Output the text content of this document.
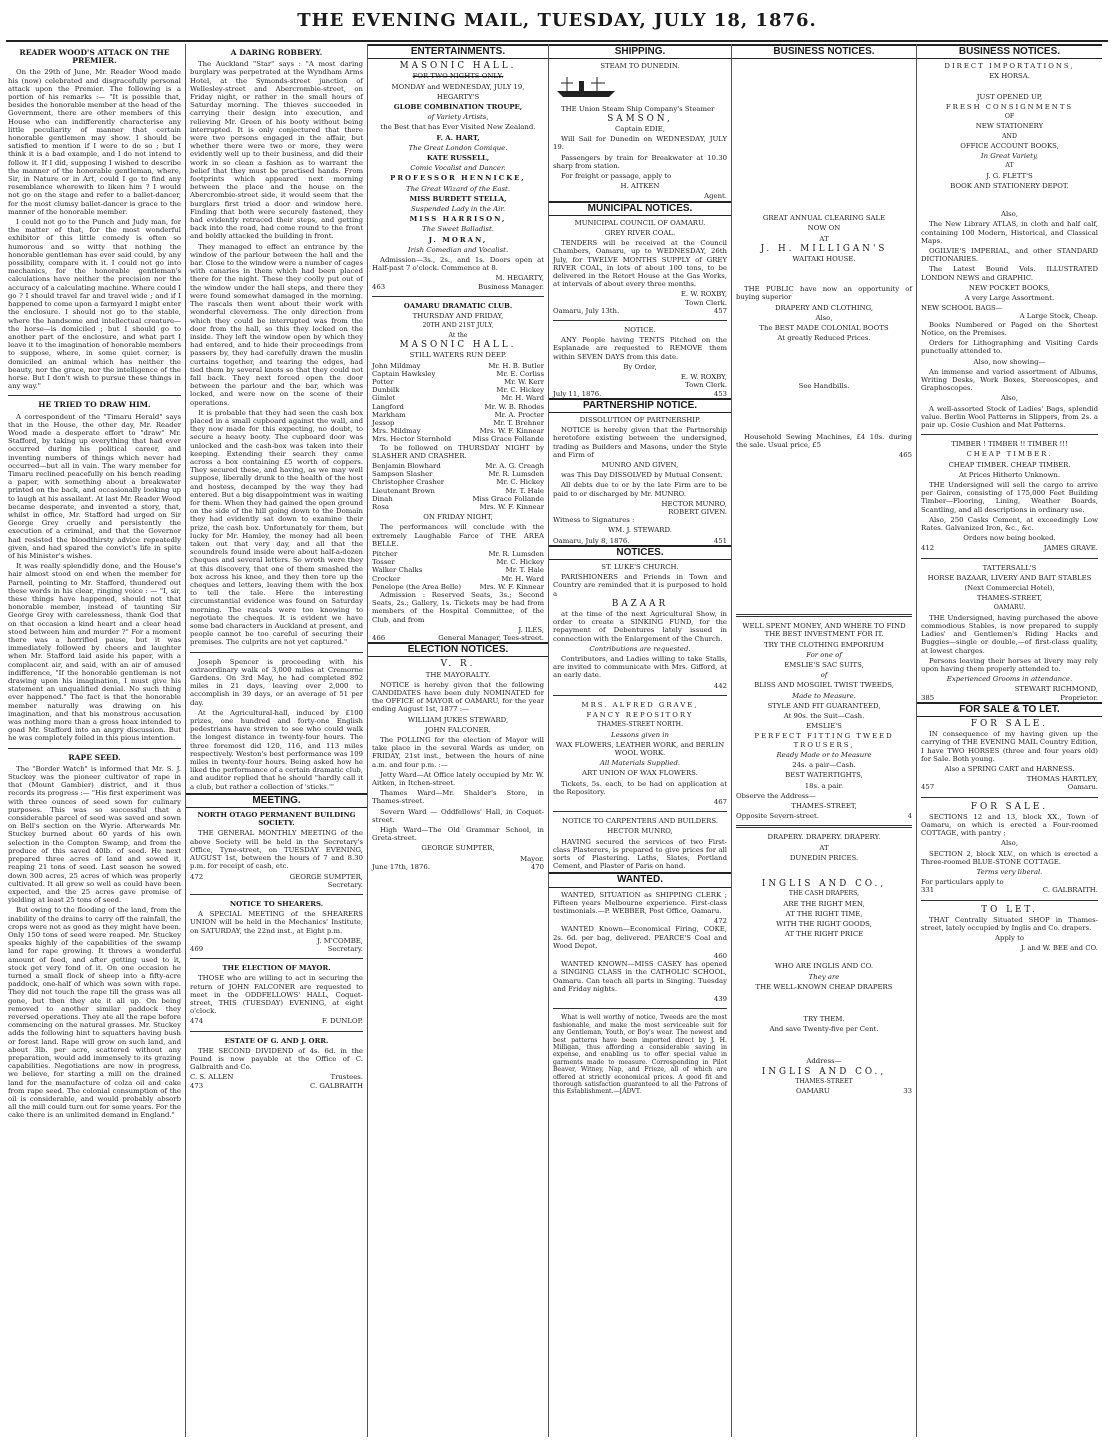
THE EVENING MAIL, TUESDAY, JULY 18, 1876.
READER WOOD'S ATTACK ON THE PREMIER.

On the 29th of June, Mr. Reader Wood made his (now) celebrated and disgracefully personal attack upon the Premier. The following is a portion of his remarks :— "It is possible that, besides the honorable member at the head of the Government, there are other members of this House who can indifferently characterise any little peculiarity of manner that certain honorable gentlemen may show. I should be satisfied to mention if I were to do so ; but I think it is a bad example, and I do not intend to follow it. If I did, supposing I wished to describe the manner of the honorable gentleman, where, Sir, in Nature or in Art, could I go to find any resemblance wherewith to liken him ? I would not go on the stage and refer to a ballet-dancer, for the most clumsy ballet-dancer is grace to the manner of the honorable member.

I could not go to the Punch and Judy man, for the matter of that, for the most wonderful exhibitor of this little comedy is often so humorous and so witty that nothing the honorable gentleman has ever said could, by any possibility, compare with it. I could not go into mechanics, for the honorable gentleman's calculations have neither the precision nor the accuracy of a calculating machine. Where could I go ? I should travel far and travel wide ; and if I happened to come upon a farmyard I might enter the enclosure. I should not go to the stable, where the handsome and intellectual creature—the horse—is domiciled ; but I should go to another part of the enclosure, and what part I leave it to the imagination of honorable members to suppose, where, in some quiet corner, is domiciled an animal which has neither the beauty, nor the grace, nor the intelligence of the horse. But I don't wish to pursue these things in any way."

HE TRIED TO DRAW HIM.

A correspondent of the "Timaru Herald" says that in the House, the other day, Mr. Reader Wood made a desperate effort to "draw" Mr. Stafford, by taking up everything that had ever occurred during his political career, and inventing numbers of things which never had occurred—but all in vain. The wary member for Timaru reclined peacefully on his bench reading a paper, with something about a breakwater printed on the back, and occasionally looking up to laugh at his assailant. At last Mr. Reader Wood became desperate, and invented a story, that, whilst in office, Mr. Stafford had urged on Sir George Grey cruelly and persistently the execution of a criminal, and that the Governor had resisted the bloodthirsty advice repeatedly given, and had spared the convict's life in spite of his Minister's wishes.

It was really splendidly done, and the House's hair almost stood on end when the member for Parnell, pointing to Mr. Stafford, thundered out these words in his clear, ringing voice : — "I, sir, these things have happened, should not that honorable member, instead of taunting Sir George Grey with carelessness, thank God that on that occasion a kind heart and a clear head stood between him and murder ?" For a moment there was a horrified pause, but it was immediately followed by cheers and laughter when Mr. Stafford laid aside his paper, with a complacent air, and said, with an air of amused indifference, "If the honorable gentleman is not drawing upon his imagination, I must give his statement an unqualified denial. No such thing ever happened." The fact is that the honorable member naturally was drawing on his imagination, and that his monstrous accusation was nothing more than a gross hoax intended to goad Mr. Stafford into an angry discussion. But he was completely foiled in this pious intention.

RAPE SEED.

The "Border Watch" is informed that Mr. S. J. Stuckey was the pioneer cultivator of rape in that (Mount Gambier) district, and it thus records its progress :— "His first experiment was with three ounces of seed sown for culinary purposes. This was so successful that a considerable parcel of seed was saved and sown on Bell's section on the Wyrie. Afterwards Mr. Stuckey burned about 60 yards of his own selection in the Compton Swamp, and from the produce of this saved 40lb. of seed. He next prepared three acres of land and sowed it, reaping 21 tons of seed. Last season he sowed down 300 acres, 25 acres of which was properly cultivated. It all grew so well as could have been expected, and the 25 acres gave promise of yielding at least 25 tons of seed.

But owing to the flooding of the land, from the inability of the drains to carry off the rainfall, the crops were not as good as they might have been. Only 150 tons of seed were reaped. Mr. Stuckey speaks highly of the capabilities of the swamp land for rape growing. It throws a wonderful amount of feed, and after getting used to it, stock get very fond of it. On one occasion he turned a small flock of sheep into a fifty-acre paddock, one-half of which was sown with rape. They did not touch the rape till the grass was all gone, but then they ate it all up. On being removed to another similar paddock they reversed operations. They ate all the rape before commencing on the natural grasses. Mr. Stuckey adds the following hint to squatters having bush or forest land. Rape will grow on such land, and about 3lb. per acre, scattered without any preparation, would add immensely to its grazing capabilities. Negotiations are now in progress, we believe, for starting a mill on the drained land for the manufacture of colza oil and cake from rape seed. The colonial consumption of the oil is considerable, and would probably absorb all the mill could turn out for some years. For the cake there is an unlimited demand in England."

A DARING ROBBERY.

The Auckland "Star" says : "A most daring burglary was perpetrated at the Wyndham Arms Hotel, at the Symonds-street junction of Wellesley-street and Abercrombie-street, on Friday night, or rather in the small hours of Saturday morning. The thieves succeeded in carrying their design into execution, and relieving Mr. Green of his booty without being interrupted. It is only conjectured that there were two persons engaged in the affair, but whether there were two or more, they were evidently well up to their business, and did their work in so clean a fashion as to warrant the belief that they must be practised hands. From footprints which appeared next morning between the place and the house on the Abercrombie-street side, it would seem that the burglars first tried a door and window here. Finding that both were securely fastened, they had evidently retraced their steps, and getting back into the road, had come round to the front and boldly attacked the building in front.

They managed to effect an entrance by the window of the parlour between the hall and the bar. Close to the window were a number of cages with canaries in them which had been placed there for the night. These they coolly put out of the window under the hall steps, and there they were found somewhat damaged in the morning. The rascals then went about their work with wonderful cleverness. The only direction from which they could be interrupted was from the door from the hall, so this they locked on the inside. They left the window open by which they had entered, and to hide their proceedings from passers by, they had carefully drawn the muslin curtains together, and tearing the edges, had tied them by several knots so that they could not fall back. They next forced open the door between the parlour and the bar, which was locked, and were now on the scene of their operations.

It is probable that they had seen the cash box placed in a small cupboard against the wall, and they now made for this expecting, no doubt, to secure a heavy booty. The cupboard door was unlocked and the cash-box was taken into their keeping. Extending their search they came across a box containing £5 worth of coppers. They secured these, and having, as we may well suppose, liberally drunk to the health of the host and hostess, decamped by the way they had entered. But a big disappointment was in waiting for them. When they had gained the open ground on the side of the hill going down to the Domain they had evidently sat down to examine their prize, the cash box. Unfortunately for them, but lucky for Mr. Hamley, the money had all been taken out that very day, and all that the scoundrels found inside were about half-a-dozen cheques and several letters. So wroth were they at this discovery, that one of them smashed the box across his knee, and they then tore up the cheques and letters, leaving them with the box to tell the tale. Here the interesting circumstantial evidence was found on Saturday morning. The rascals were too knowing to negotiate the cheques. It is evident we have some bad characters in Auckland at present, and people cannot be too careful of securing their premises. The culprits are not yet captured."

Joseph Spencer is proceeding with his extraordinary walk of 3,000 miles at Cremorne Gardens. On 3rd May, he had completed 892 miles in 21 days, leaving over 2,000 to accomplish in 39 days, or an average of 51 per day.

At the Agricultural-hall, induced by £100 prizes, one hundred and forty-one English pedestrians have striven to see who could walk the longest distance in twenty-four hours. The three foremost did 120, 116, and 113 miles respectively. Weston's best performance was 109 miles in twenty-four hours. Being asked how he liked the performance of a certain dramatic club, and auditor replied that he should "hardly call it a club, but rather a collection of 'sticks.'"

MEETING.
NORTH OTAGO PERMANENT BUILDING SOCIETY.

THE GENERAL MONTHLY MEETING of the above Society will be held in the Secretary's Office, Tyne-street, on TUESDAY EVENING, AUGUST 1st, between the hours of 7 and 8.30 p.m. for receipt of cash, etc.

472	GEORGE SUMPTER,
Secretary.
NOTICE TO SHEARERS.

A SPECIAL MEETING of the SHEARERS UNION will be held in the Mechanics' Institute, on SATURDAY, the 22nd inst., at Eight p.m.

J. M'COMBE,
469	Secretary.
THE ELECTION OF MAYOR.

THOSE who are willing to act in securing the return of JOHN FALCONER are requested to meet in the ODDFELLOWS' HALL, Coquet-street, THIS (TUESDAY) EVENING, at eight o'clock.

474	F. DUNLOP.
ESTATE OF G. AND J. ORR.

THE SECOND DIVIDEND of 4s. 6d. in the Pound is now payable at the Office of C. Galbraith and Co.

C. S. ALLEN	Trustees.
473	C. GALBRAITH
ENTERTAINMENTS.
MASONIC HALL.
FOR TWO NIGHTS ONLY.
MONDAY and WEDNESDAY, JULY 19,
HEGARTY'S
GLOBE COMBINATION TROUPE,
of Variety Artists,
the Best that has Ever Visited New Zealand.
F. A. HART,
The Great London Comique.
KATE RUSSELL,
Comic Vocalist and Dancer.
PROFESSOR HENNICKE,
The Great Wizard of the East.
MISS BURDETT STELLA,
Suspended Lady in the Air.
MISS HARRISON,
The Sweet Balladist.
J. MORAN,
Irish Comedian and Vocalist.

Admission—3s., 2s., and 1s. Doors open at Half-past 7 o'clock. Commence at 8.

M. HEGARTY,
463	Business Manager.
OAMARU DRAMATIC CLUB.
THURSDAY AND FRIDAY,
20TH AND 21ST JULY,
At the
MASONIC HALL.
STILL WATERS RUN DEEP.
John Mildmay	Mr. H. B. Butler
Captain Hawksley	Mr. E. Corliss
Potter	Mr. W. Kerr
Dunbilk	Mr. C. Hickey
Gimlet	Mr. H. Ward
Langford	Mr. W. B. Rhodes
Markham	Mr. A. Procter
Jessop	Mr. T. Brehner
Mrs. Mildmay	Mrs. W. F. Kinnear
Mrs. Hector Sternhold	Miss Grace Follande

To be followed on THURSDAY NIGHT by SLASHER AND CRASHER.

Benjamin Blowhard	Mr. A. G. Creagh
Sampson Slasher	Mr. R. Lumsden
Christopher Crasher	Mr. C. Hickey
Lieutenant Brown	Mr. T. Hale
Dinah	Miss Grace Follande
Rosa	Mrs. W. F. Kinnear
ON FRIDAY NIGHT,

The performances will conclude with the extremely Laughable Farce of THE AREA BELLE.

Pitcher	Mr. R. Lumsden
Tosser	Mr. C. Hickey
Walker Chalks	Mr. T. Hale
Crocker	Mr. H. Ward
Penelope (the Area Belle)	Mrs. W. F. Kinnear

Admission : Reserved Seats, 3s.; Second Seats, 2s.; Gallery, 1s. Tickets may be had from members of the Hospital Committee, of the Club, and from

J. ILES,
466	General Manager, Tees-street.
ELECTION NOTICES.
V. R.
THE MAYORALTY.

NOTICE is hereby given that the following CANDIDATES have been duly NOMINATED for the OFFICE of MAYOR of OAMARU, for the year ending August 1st, 1877 :—

WILLIAM JUKES STEWARD,
JOHN FALCONER.

The POLLING for the election of Mayor will take place in the several Wards as under, on FRIDAY, 21st inst., between the hours of nine a.m. and four p.m. :—

Jetty Ward—At Office lately occupied by Mr. W. Aitken, in Itchen-street.

Thames Ward—Mr. Shalder's Store, in Thames-street.

Severn Ward — Oddfellows' Hall, in Coquet-street.

High Ward—The Old Grammar School, in Greta-street.

GEORGE SUMPTER,
Mayor.
June 17th, 1876.	470
SHIPPING.
STEAM TO DUNEDIN.

THE Union Steam Ship Company's Steamer

SAMSON,
Captain EDIE,

Will Sail for Dunedin on WEDNESDAY, JULY 19.

Passengers by train for Breakwater at 10.30 sharp from station.

For freight or passage, apply to

H. AITKEN
Agent.
MUNICIPAL NOTICES.
MUNICIPAL COUNCIL OF OAMARU.
GREY RIVER COAL.

TENDERS will be received at the Council Chambers, Oamaru, up to WEDNESDAY, 26th July, for TWELVE MONTHS SUPPLY of GREY RIVER COAL, in lots of about 100 tons, to be delivered in the Retort House at the Gas Works, at intervals of about every three months.

E. W. ROXBY,
Town Clerk.
Oamaru, July 13th.	457
NOTICE.

ANY People having TENTS Pitched on the Esplanade are requested to REMOVE them within SEVEN DAYS from this date.

By Order,
E. W. ROXBY,
Town Clerk.
July 11, 1876.	453
PARTNERSHIP NOTICE.
DISSOLUTION OF PARTNERSHIP.

NOTICE is hereby given that the Partnership heretofore existing between the undersigned, trading as Builders and Masons, under the Style and Firm of

MUNRO AND GIVEN,

was This Day DISSOLVED by Mutual Consent.

All debts due to or by the late Firm are to be paid to or discharged by Mr. MUNRO.

HECTOR MUNRO,
ROBERT GIVEN.
Witness to Signatures :
WM. J. STEWARD.
Oamaru, July 8, 1876.	451
NOTICES.
ST. LUKE'S CHURCH.

PARISHIONERS and Friends in Town and Country are reminded that it is purposed to hold a

BAZAAR

at the time of the next Agricultural Show, in order to create a SINKING FUND, for the repayment of Debentures lately issued in connection with the Enlargement of the Church.

Contributions are requested.

Contributors, and Ladies willing to take Stalls, are invited to communicate with Mrs. Gifford, at an early date.

442
MRS. ALFRED GRAVE,
FANCY REPOSITORY
THAMES-STREET NORTH.
Lessons given in
WAX FLOWERS, LEATHER WORK, and BERLIN WOOL WORK.
All Materials Supplied.
ART UNION OF WAX FLOWERS.

Tickets, 5s. each, to be had on application at the Repository.

467
NOTICE TO CARPENTERS AND BUILDERS.
HECTOR MUNRO,

HAVING secured the services of two First-class Plasterers, is prepared to give prices for all sorts of Plastering. Laths, Slates, Portland Cement, and Plaster of Paris on hand.

WANTED.

WANTED, SITUATION as SHIPPING CLERK ; Fifteen years Melbourne experience. First-class testimonials.—P. WEBBER, Post Office, Oamaru.

472

WANTED Known—Economical Firing, COKE, 2s. 6d. per bag, delivered. PEARCE'S Coal and Wood Depot.

460

WANTED KNOWN—MISS CASEY has opened a SINGING CLASS in the CATHOLIC SCHOOL, Oamaru. Can teach all parts in Singing. Tuesday and Friday nights.

439

What is well worthy of notice, Tweeds are the most fashionable, and make the most serviceable suit for any Gentleman, Youth, or Boy's wear. The newest and best patterns have been imported direct by J. H. Milligan, thus affording a considerable saving in expense, and enabling us to offer special value in garments made to measure. Corresponding in Pilot Beaver, Witney, Nap, and Frieze, all of which are offered at strictly economical prices. A good fit and thorough satisfaction guaranteed to all the Patrons of this Establishment.—[ADVT.

BUSINESS NOTICES.
GREAT ANNUAL CLEARING SALE
NOW ON
AT
J. H. MILLIGAN'S
WAITAKI HOUSE.

THE PUBLIC have now an opportunity of buying superior

DRAPERY AND CLOTHING,
Also,
The BEST MADE COLONIAL BOOTS
At greatly Reduced Prices.
See Handbills.

Household Sewing Machines, £4 10s. during the sale. Usual price, £5

465
WELL SPENT MONEY, AND WHERE TO FIND THE BEST INVESTMENT FOR IT.
TRY THE CLOTHING EMPORIUM
For one of
EMSLIE'S SAC SUITS,
of
BLISS AND MOSGIEL TWIST TWEEDS,
Made to Measure.
STYLE AND FIT GUARANTEED,
At 90s. the Suit—Cash.
EMSLIE'S
PERFECT FITTING TWEED TROUSERS,
Ready Made or to Measure
24s. a pair—Cash.
BEST WATERTIGHTS,
18s. a pair.
Observe the Address—
THAMES-STREET,
Opposite Severn-street.	4
DRAPERY. DRAPERY. DRAPERY.
AT
DUNEDIN PRICES.
INGLIS AND CO.,
THE CASH DRAPERS,
ARE THE RIGHT MEN,
AT THE RIGHT TIME,
WITH THE RIGHT GOODS,
AT THE RIGHT PRICE
WHO ARE INGLIS AND CO.
They are
THE WELL-KNOWN CHEAP DRAPERS
TRY THEM.
And save Twenty-five per Cent.
Address—
INGLIS AND CO.,
THAMES-STREET
OAMARU	33
BUSINESS NOTICES.
DIRECT IMPORTATIONS,
EX HORSA.
JUST OPENED UP,
FRESH CONSIGNMENTS
OF
NEW STATIONERY
AND
OFFICE ACCOUNT BOOKS,
In Great Variety,
AT
J. G. FLETT'S
BOOK AND STATIONERY DEPOT.
Also,

The New Library ATLAS, in cloth and half calf, containing 100 Modern, Historical, and Classical Maps.

OGILVIE'S IMPERIAL, and other STANDARD DICTIONARIES.

The Latest Bound Vols. ILLUSTRATED LONDON NEWS and GRAPHIC.

NEW POCKET BOOKS,
A very Large Assortment.
NEW SCHOOL BAGS—
A Large Stock, Cheap.

Books Numbered or Paged on the Shortest Notice, on the Premises.

Orders for Lithographing and Visiting Cards punctually attended to.

Also, now showing—

An immense and varied assortment of Albums, Writing Desks, Work Boxes, Stereoscopes, and Graphoscopes.

Also,

A well-assorted Stock of Ladies' Bags, splendid value. Berlin Wool Patterns in Slippers, from 2s. a pair up. Cosie Cushion and Mat Patterns.

TIMBER ! TIMBER !! TIMBER !!!
CHEAP TIMBER.
CHEAP TIMBER. CHEAP TIMBER.
At Prices Hitherto Unknown.

THE Undersigned will sell the cargo to arrive per Gairen, consisting of 175,000 Feet Building Timber—Flooring, Lining, Weather Boards, Scantling, and all descriptions in ordinary use.

Also, 250 Casks Cement, at exceedingly Low Rates. Galvanized Iron, &c., &c.

Orders now being booked.
412	JAMES GRAVE.
TATTERSALL'S
HORSE BAZAAR, LIVERY AND BAIT STABLES
(Next Commercial Hotel),
THAMES-STREET,
OAMARU.

THE Undersigned, having purchased the above commodious Stables, is now prepared to supply Ladies' and Gentlemen's Riding Hacks and Buggies—single or double,—of first-class quality, at lowest charges.

Persons leaving their horses at livery may rely upon having them properly attended to.

Experienced Grooms in attendance.
STEWART RICHMOND,
385	Proprietor.
FOR SALE & TO LET.
FOR SALE.

IN consequence of my having given up the carrying of THE EVENING MAIL Country Edition, I have TWO HORSES (three and four years old) for Sale. Both young.

Also a SPRING CART and HARNESS.
THOMAS HARTLEY,
457	Oamaru.
FOR SALE.

SECTIONS 12 and 13, block XX., Town of Oamaru, on which is erected a Four-roomed COTTAGE, with pantry ;

Also,

SECTION 2, block XLV., on which is erected a Three-roomed BLUE-STONE COTTAGE.

Terms very liberal.
For particulars apply to
331	C. GALBRAITH.
TO LET.

THAT Centrally Situated SHOP in Thames-street, lately occupied by Inglis and Co. drapers.

Apply to
J. and W. BEE and CO.
